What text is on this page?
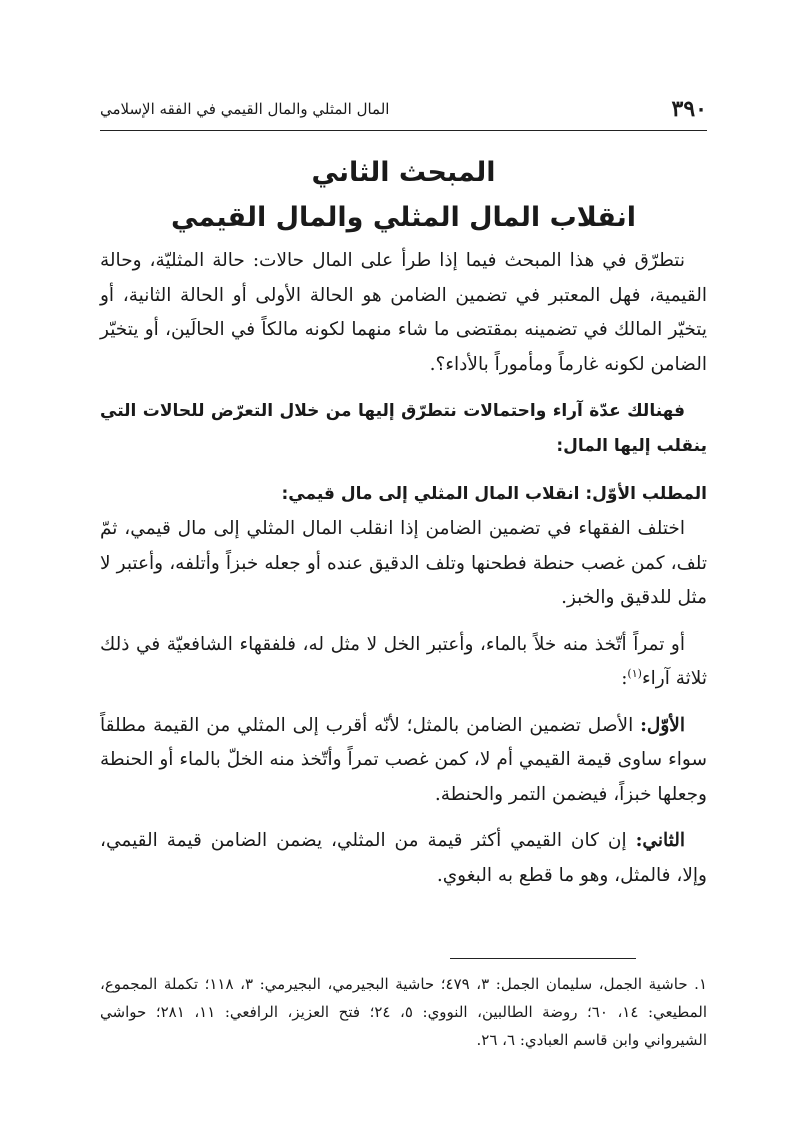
٣٩٠
المال المثلي والمال القيمي في الفقه الإسلامي
المبحث الثاني
انقلاب المال المثلي والمال القيمي

نتطرّق في هذا المبحث فيما إذا طرأ على المال حالات: حالة المثليّة، وحالة القيمية، فهل المعتبر في تضمين الضامن هو الحالة الأولى أو الحالة الثانية، أو يتخيّر المالك في تضمينه بمقتضى ما شاء منهما لكونه مالكاً في الحالَين، أو يتخيّر الضامن لكونه غارماً ومأموراً بالأداء؟.

فهنالك عدّة آراء واحتمالات نتطرّق إليها من خلال التعرّض للحالات التي ينقلب إليها المال:

المطلب الأوّل: انقلاب المال المثلي إلى مال قيمي:

اختلف الفقهاء في تضمين الضامن إذا انقلب المال المثلي إلى مال قيمي، ثمّ تلف، كمن غصب حنطة فطحنها وتلف الدقيق عنده أو جعله خبزاً وأتلفه، وأعتبر لا مثل للدقيق والخبز.

أو تمراً أتّخذ منه خلاً بالماء، وأعتبر الخل لا مثل له، فلفقهاء الشافعيّة في ذلك ثلاثة آراء$^{(١)}$:

الأوّل: الأصل تضمين الضامن بالمثل؛ لأنّه أقرب إلى المثلي من القيمة مطلقاً سواء ساوى قيمة القيمي أم لا، كمن غصب تمراً وأتّخذ منه الخلّ بالماء أو الحنطة وجعلها خبزاً، فيضمن التمر والحنطة.

الثاني: إن كان القيمي أكثر قيمة من المثلي، يضمن الضامن قيمة القيمي، وإلا، فالمثل، وهو ما قطع به البغوي.

١. حاشية الجمل، سليمان الجمل: ٣، ٤٧٩؛ حاشية البجيرمي، البجيرمي: ٣، ١١٨؛ تكملة المجموع، المطيعي: ١٤، ٦٠؛ روضة الطالبين، النووي: ٥، ٢٤؛ فتح العزيز، الرافعي: ١١، ٢٨١؛ حواشي الشيرواني وابن قاسم العبادي: ٦، ٢٦.
